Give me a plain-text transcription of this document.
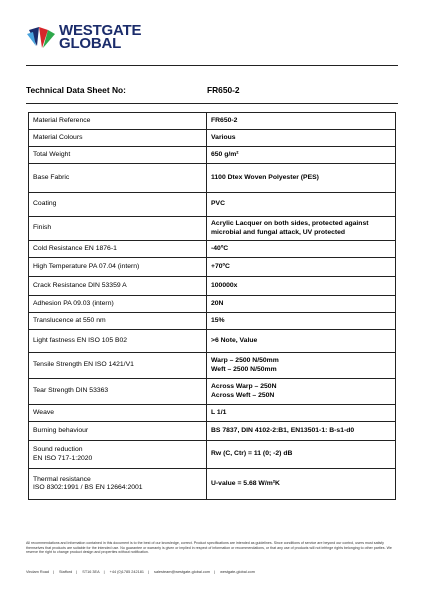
WESTGATE
GLOBAL
Technical Data Sheet No:	FR650-2
Material Reference	FR650-2
Material Colours	Various
Total Weight	650 g/m²
Base Fabric	1100 Dtex Woven Polyester (PES)
Coating	PVC
Finish	Acrylic Lacquer on both sides, protected against microbial and fungal attack, UV protected
Cold Resistance EN 1876-1	-40ºC
High Temperature PA 07.04 (intern)	+70ºC
Crack Resistance DIN 53359 A	100000x
Adhesion PA 09.03 (intern)	20N
Translucence at 550 nm	15%
Light fastness EN ISO 105 B02	>6 Note, Value
Tensile Strength EN ISO 1421/V1	Warp – 2500 N/50mm
Weft – 2500 N/50mm

Tear Strength DIN 53363	Across Warp – 250N
Across Weft – 250N

Weave	L 1/1
Burning behaviour	BS 7837, DIN 4102-2:B1, EN13501-1: B-s1-d0

Sound reduction
EN ISO 717-1:2020	Rw (C, Ctr) = 11 (0; -2) dB

Thermal resistance
ISO 8302:1991 / BS EN 12664:2001	U-value = 5.68 W/m²K
All recommendations and information contained in this document is to the best of our knowledge, correct. Product specifications are intended as guidelines. Since conditions of service are beyond our control, users must satisfy themselves that products are suitable for the intended use. No guarantee or warranty is given or implied in respect of information or recommendations, or that any use of products will not infringe rights belonging to other parties. We reserve the right to change product design and properties without notification.
Vindam Road | Stafford | ST16 3EA | +44 (0)1785 242181 | salesteam@westgate-global.com | westgate-global.com
